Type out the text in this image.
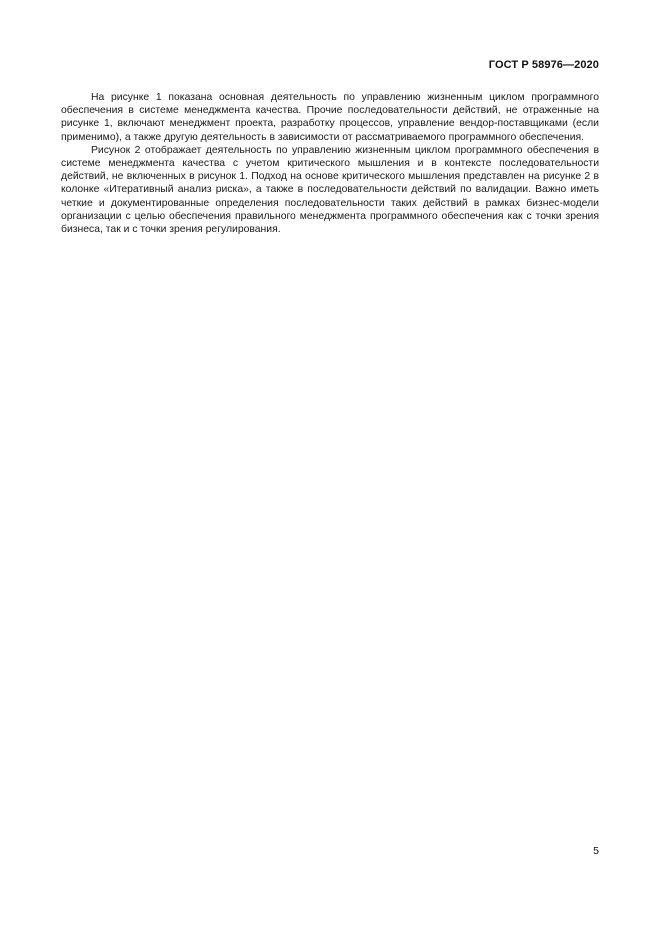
ГОСТ Р 58976—2020

На рисунке 1 показана основная деятельность по управлению жизненным циклом программного обеспечения в системе менеджмента качества. Прочие последовательности действий, не отраженные на рисунке 1, включают менеджмент проекта, разработку процессов, управление вендор-поставщиками (если применимо), а также другую деятельность в зависимости от рассматриваемого программного обеспечения.

Рисунок 2 отображает деятельность по управлению жизненным циклом программного обеспечения в системе менеджмента качества с учетом критического мышления и в контексте последовательности действий, не включенных в рисунок 1. Подход на основе критического мышления представлен на рисунке 2 в колонке «Итеративный анализ риска», а также в последовательности действий по валидации. Важно иметь четкие и документированные определения последовательности таких действий в рамках бизнес-модели организации с целью обеспечения правильного менеджмента программного обеспечения как с точки зрения бизнеса, так и с точки зрения регулирования.

5
